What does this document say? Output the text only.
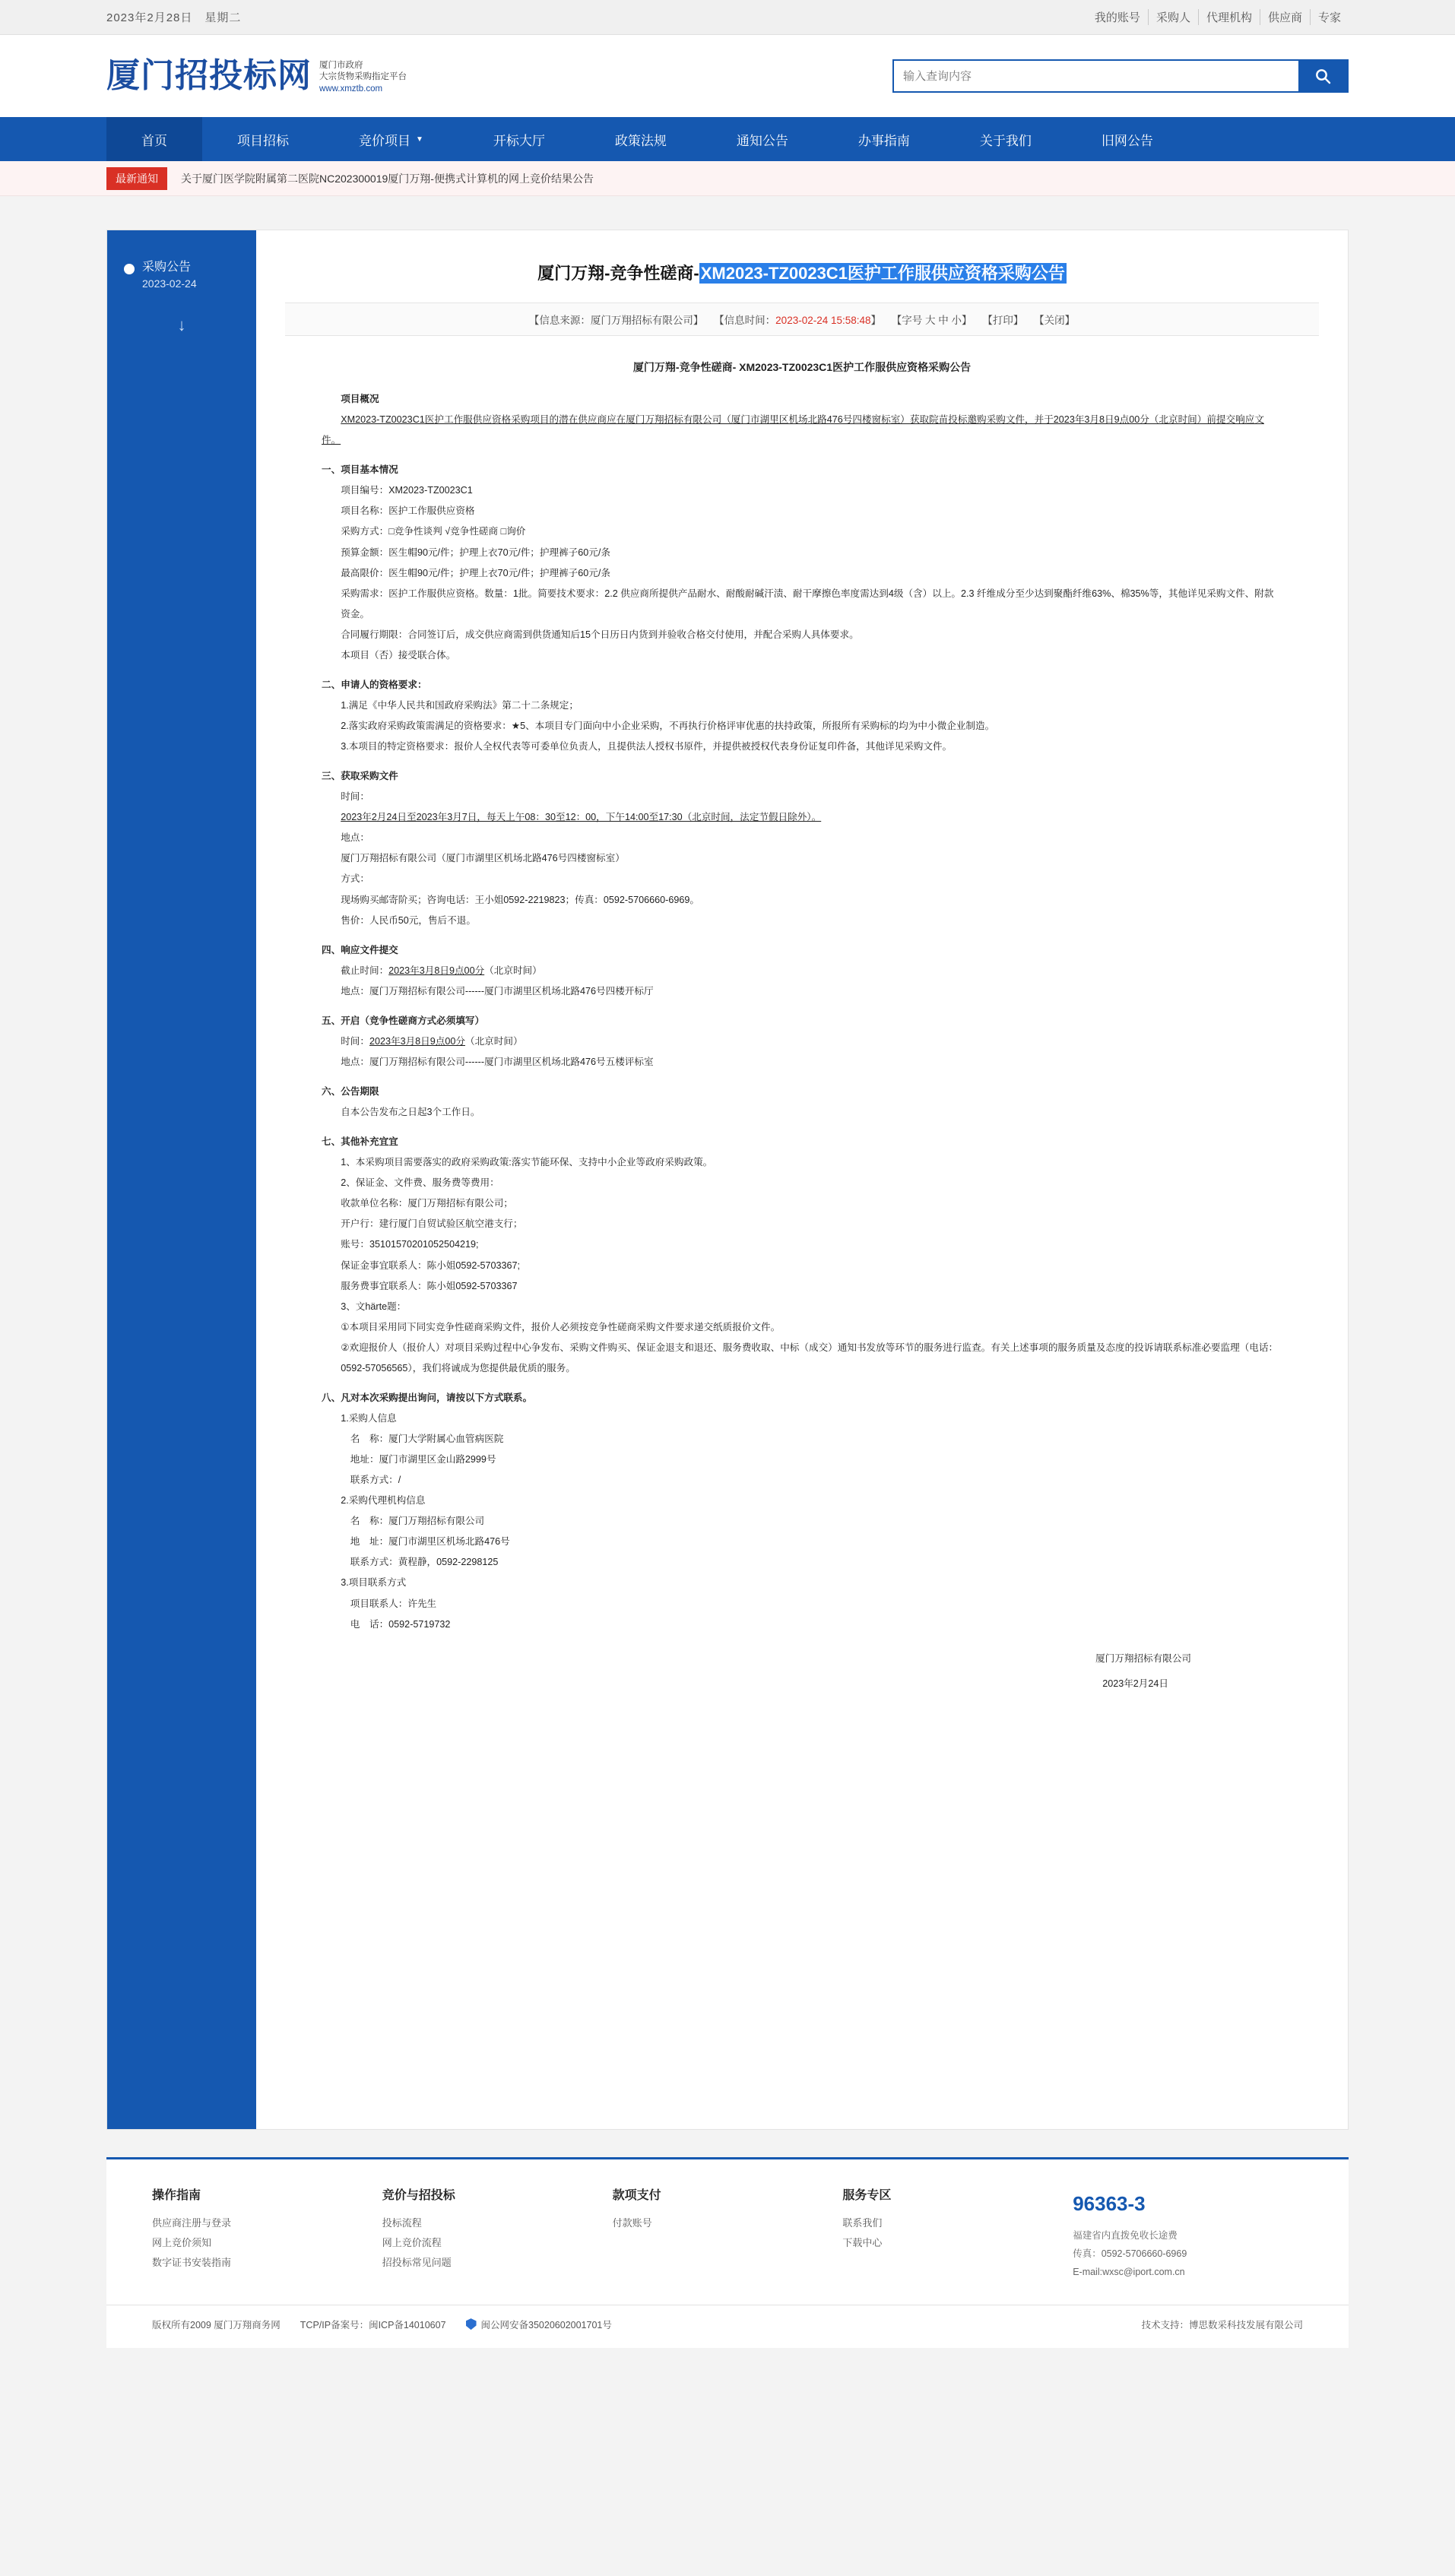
2023年2月28日　星期二	我的账号	采购人	代理机构	供应商	专家
厦门招投标网 厦门市政府
大宗货物采购指定平台
www.xmztb.com
输入查询内容
首页	项目招标	竞价项目 ▼	开标大厅	政策法规	通知公告	办事指南	关于我们	旧网公告
最新通知	关于厦门医学院附属第二医院NC202300019厦门万翔-便携式计算机的网上竞价结果公告
采购公告
2023-02-24
↓
厦门万翔-竞争性磋商-XM2023-TZ0023C1医护工作服供应资格采购公告
【信息来源：厦门万翔招标有限公司】 【信息时间：2023-02-24 15:58:48】 【字号 大 中 小】 【打印】 【关闭】

厦门万翔-竞争性磋商- XM2023-TZ0023C1医护工作服供应资格采购公告

项目概况

XM2023-TZ0023C1医护工作服供应资格采购项目的潜在供应商应在厦门万翔招标有限公司（厦门市湖里区机场北路476号四楼窗标室）获取院苗投标邀购采购文件，并于2023年3月8日9点00分（北京时间）前提交响应文件。

一、项目基本情况

项目编号：XM2023-TZ0023C1

项目名称：医护工作服供应资格

采购方式：□竞争性谈判 √竞争性磋商 □询价

预算金额：医生帽90元/件；护理上衣70元/件；护理裤子60元/条

最高限价：医生帽90元/件；护理上衣70元/件；护理裤子60元/条

采购需求：医护工作服供应资格。数量：1批。简要技术要求：2.2 供应商所提供产品耐水、耐酸耐碱汗渍、耐干摩擦色率度需达到4级（含）以上。2.3 纤维成分至少达到聚酯纤维63%、棉35%等，其他详见采购文件、附款资金。

合同履行期限：合同签订后，成交供应商需到供货通知后15个日历日内货到并验收合格交付使用，并配合采购人具体要求。

本项目（否）接受联合体。

二、申请人的资格要求：

1.满足《中华人民共和国政府采购法》第二十二条规定；

2.落实政府采购政策需满足的资格要求：★5、本项目专门面向中小企业采购，不再执行价格评审优惠的扶持政策，所报所有采购标的均为中小微企业制造。

3.本项目的特定资格要求：报价人全权代表等可委单位负责人，且提供法人授权书原件，并提供被授权代表身份证复印件备，其他详见采购文件。

三、获取采购文件

时间：

2023年2月24日至2023年3月7日，每天上午08：30至12：00，下午14:00至17:30（北京时间，法定节假日除外）。

地点：

厦门万翔招标有限公司（厦门市湖里区机场北路476号四楼窗标室）

方式：

现场购买邮寄阶买；咨询电话：王小姐0592-2219823；传真：0592-5706660-6969。

售价：人民币50元，售后不退。

四、响应文件提交

截止时间：2023年3月8日9点00分（北京时间）

地点：厦门万翔招标有限公司------厦门市湖里区机场北路476号四楼开标厅

五、开启（竞争性磋商方式必须填写）

时间：2023年3月8日9点00分（北京时间）

地点：厦门万翔招标有限公司------厦门市湖里区机场北路476号五楼评标室

六、公告期限

自本公告发布之日起3个工作日。

七、其他补充宜宜

1、本采购项目需要落实的政府采购政策:落实节能环保、支持中小企业等政府采购政策。

2、保证金、文件费、服务费等费用：

收款单位名称：厦门万翔招标有限公司；

开户行：建行厦门自贸试验区航空港支行；

账号：35101570201052504219;

保证金事宜联系人：陈小姐0592-5703367;

服务费事宜联系人：陈小姐0592-5703367

3、文härte题：

①本项目采用同下同实竞争性磋商采购文件，报价人必须按竞争性磋商采购文件要求递交纸质报价文件。

②欢迎报价人（报价人）对项目采购过程中心争发布、采购文件购买、保证金退支和退还、服务费收取、中标（成交）通知书发放等环节的服务进行监查。有关上述事项的服务质量及态度的投诉请联系标准必要监理（电话：0592-57056565），我们将诚成为您提供最优质的服务。

八、凡对本次采购提出询问，请按以下方式联系。

1.采购人信息

名　称：厦门大学附属心血管病医院

地址：厦门市湖里区金山路2999号

联系方式：/

2.采购代理机构信息

名　称：厦门万翔招标有限公司

地　址：厦门市湖里区机场北路476号

联系方式：黄程静，0592-2298125

3.项目联系方式

项目联系人：许先生

电　话：0592-5719732

厦门万翔招标有限公司

2023年2月24日

操作指南
供应商注册与登录
网上竞价须知
数字证书安装指南
竞价与招投标
投标流程
网上竞价流程
招投标常见问题
款项支付
付款账号
服务专区
联系我们
下载中心
96363-3
福建省内直拨免收长途费
传真：0592-5706660-6969
E-mail:wxsc@iport.com.cn
版权所有2009 厦门万翔商务网 TCP/IP备案号：闽ICP备14010607	闽公网安备35020602001701号	技术支持：博思数采科技发展有限公司
